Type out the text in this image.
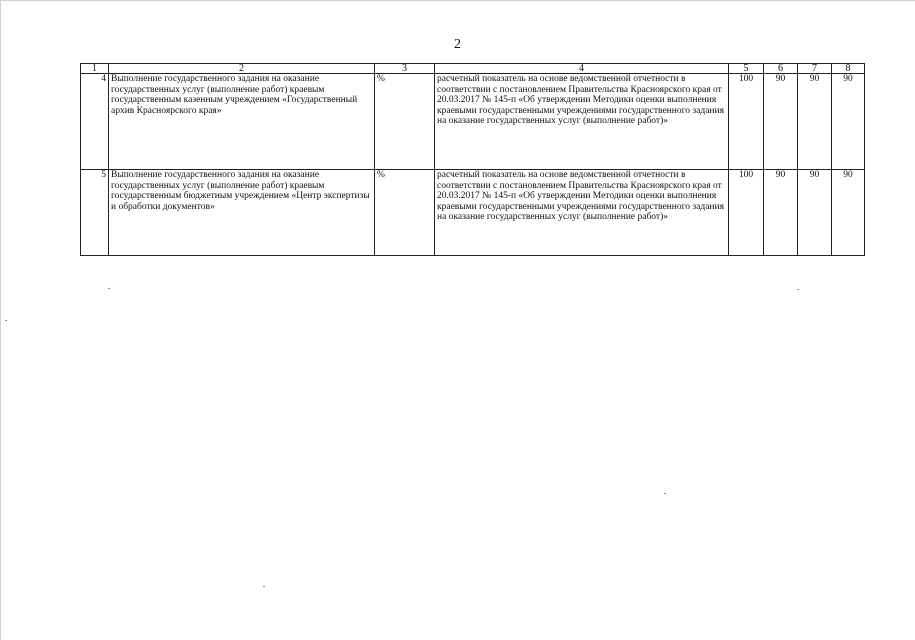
2
1	2	3	4	5	6	7	8
4	Выполнение государственного задания на оказание государственных услуг (выполнение работ) краевым государственным казенным учреждением «Государственный архив Красноярского края»	%	расчетный показатель на основе ведомственной отчетности в соответствии с постановлением Правительства Красноярского края от 20.03.2017 № 145-п «Об утверждении Методики оценки выполнения краевыми государственными учреждениями государственного задания на оказание государственных услуг (выполнение работ)»	100	90	90	90
5	Выполнение государственного задания на оказание государственных услуг (выполнение работ) краевым государственным бюджетным учреждением «Центр экспертизы и обработки документов»	%	расчетный показатель на основе ведомственной отчетности в соответствии с постановлением Правительства Красноярского края от 20.03.2017 № 145-п «Об утверждении Методики оценки выполнения краевыми государственными учреждениями государственного задания на оказание государственных услуг (выполнение работ)»	100	90	90	90
